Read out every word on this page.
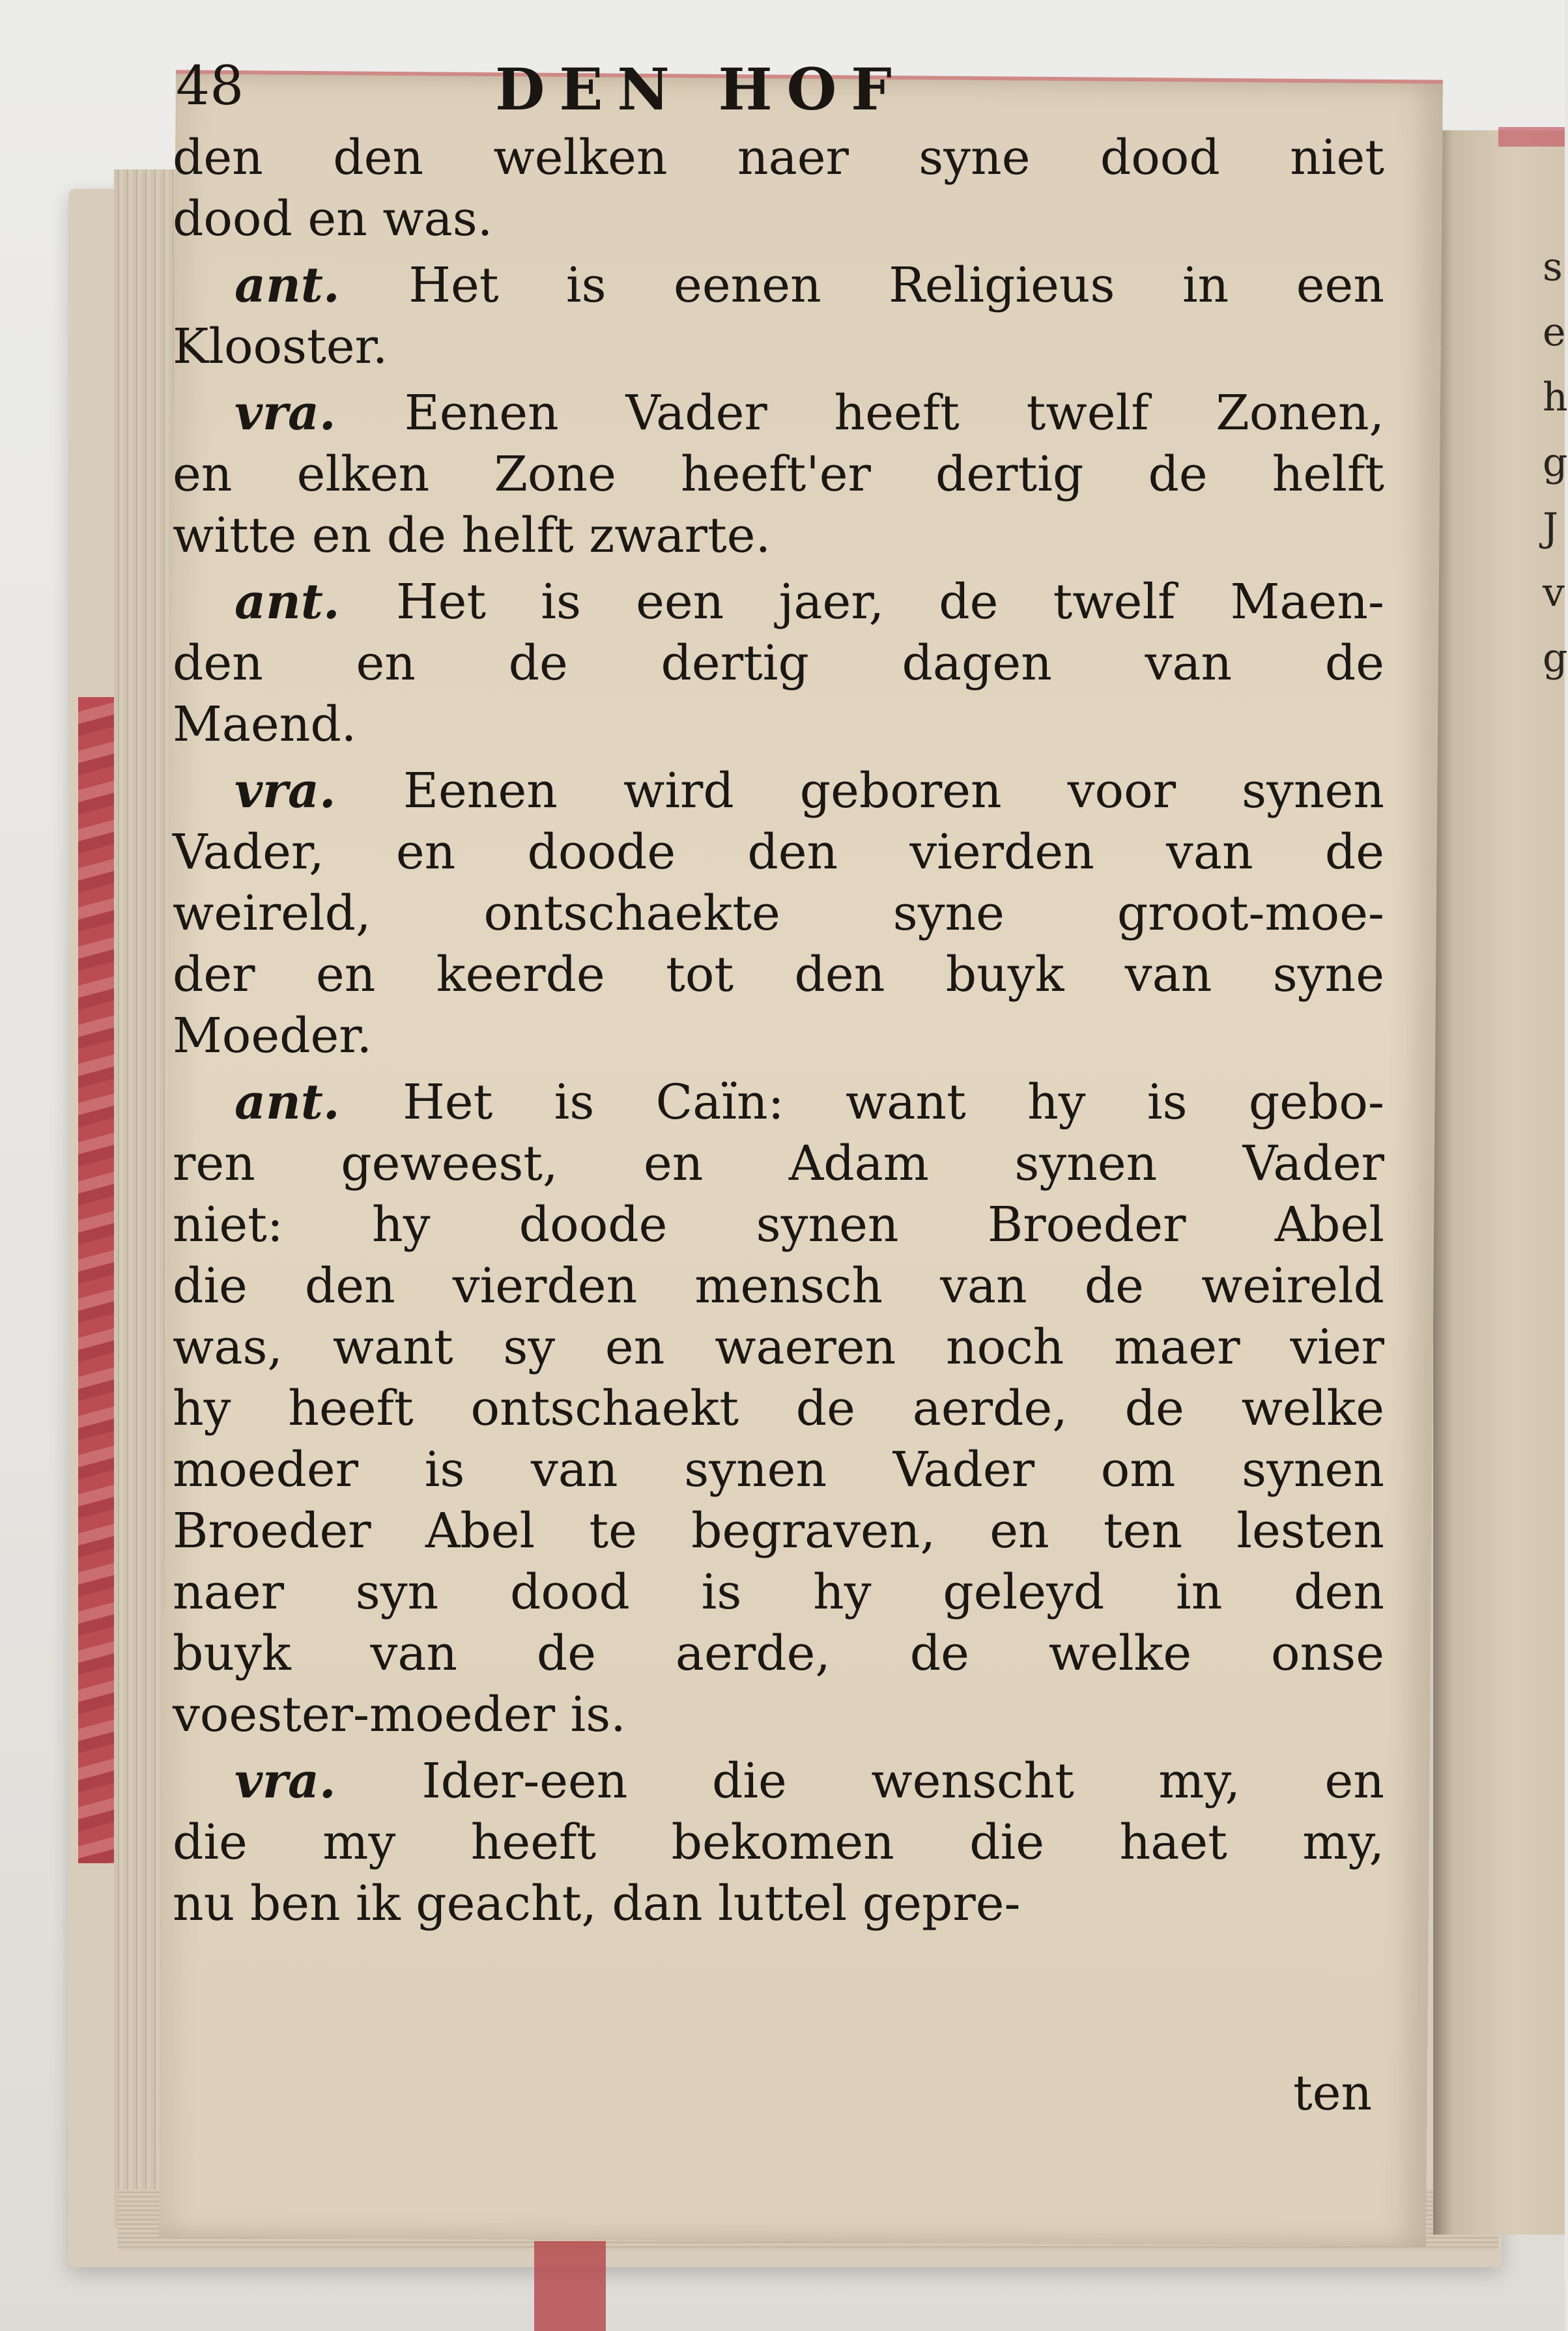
s
e
h
g
J
v
g
48	DEN HOF
den den welken naer syne dood niet
dood en was.
ant. Het is eenen Religieus in een
Klooster.
vra. Eenen Vader heeft twelf Zonen,
en elken Zone heeft'er dertig de helft
witte en de helft zwarte.
ant. Het is een jaer, de twelf Maen-
den en de dertig dagen van de
Maend.
vra. Eenen wird geboren voor synen
Vader, en doode den vierden van de
weireld, ontschaekte syne groot-moe-
der en keerde tot den buyk van syne
Moeder.
ant. Het is Caïn: want hy is gebo-
ren geweest, en Adam synen Vader
niet: hy doode synen Broeder Abel
die den vierden mensch van de weireld
was, want sy en waeren noch maer vier
hy heeft ontschaekt de aerde, de welke
moeder is van synen Vader om synen
Broeder Abel te begraven, en ten lesten
naer syn dood is hy geleyd in den
buyk van de aerde, de welke onse
voester-moeder is.
vra. Ider-een die wenscht my, en
die my heeft bekomen die haet my,
nu ben ik geacht, dan luttel gepre-
ten
